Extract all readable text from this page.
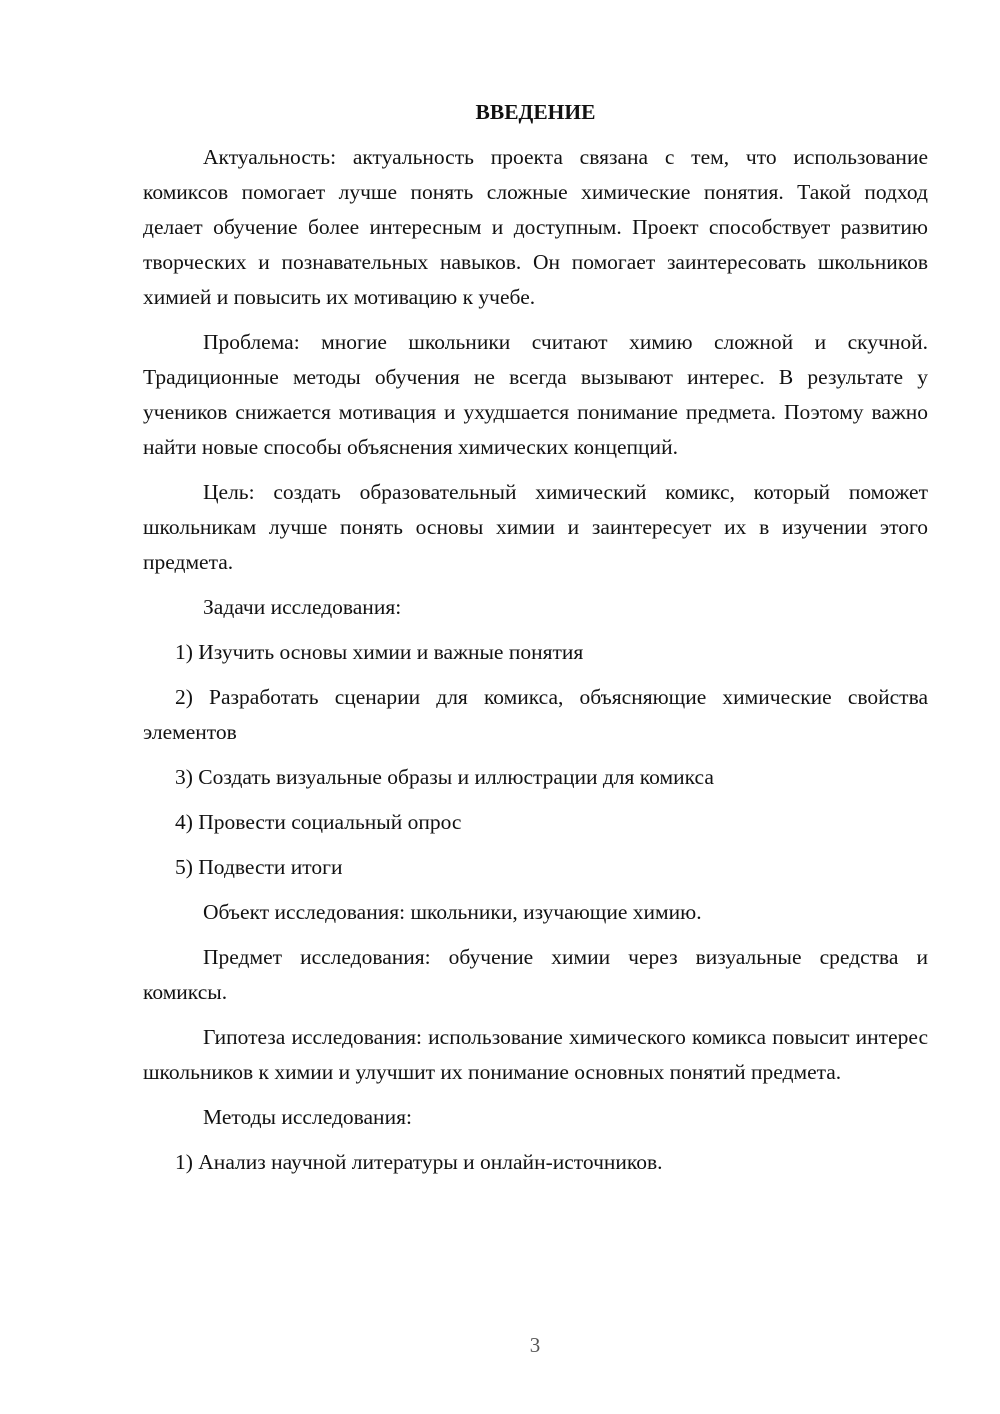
ВВЕДЕНИЕ
Актуальность: актуальность проекта связана с тем, что использование комиксов помогает лучше понять сложные химические понятия. Такой подход делает обучение более интересным и доступным. Проект способствует развитию творческих и познавательных навыков. Он помогает заинтересовать школьников химией и повысить их мотивацию к учебе.
Проблема: многие школьники считают химию сложной и скучной. Традиционные методы обучения не всегда вызывают интерес. В результате у учеников снижается мотивация и ухудшается понимание предмета. Поэтому важно найти новые способы объяснения химических концепций.
Цель: создать образовательный химический комикс, который поможет школьникам лучше понять основы химии и заинтересует их в изучении этого предмета.
Задачи исследования:
1) Изучить основы химии и важные понятия
2) Разработать сценарии для комикса, объясняющие химические свойства элементов
3) Создать визуальные образы и иллюстрации для комикса
4) Провести социальный опрос
5) Подвести итоги
Объект исследования: школьники, изучающие химию.
Предмет исследования: обучение химии через визуальные средства и комиксы.
Гипотеза исследования: использование химического комикса повысит интерес школьников к химии и улучшит их понимание основных понятий предмета.
Методы исследования:
1) Анализ научной литературы и онлайн-источников.
3
